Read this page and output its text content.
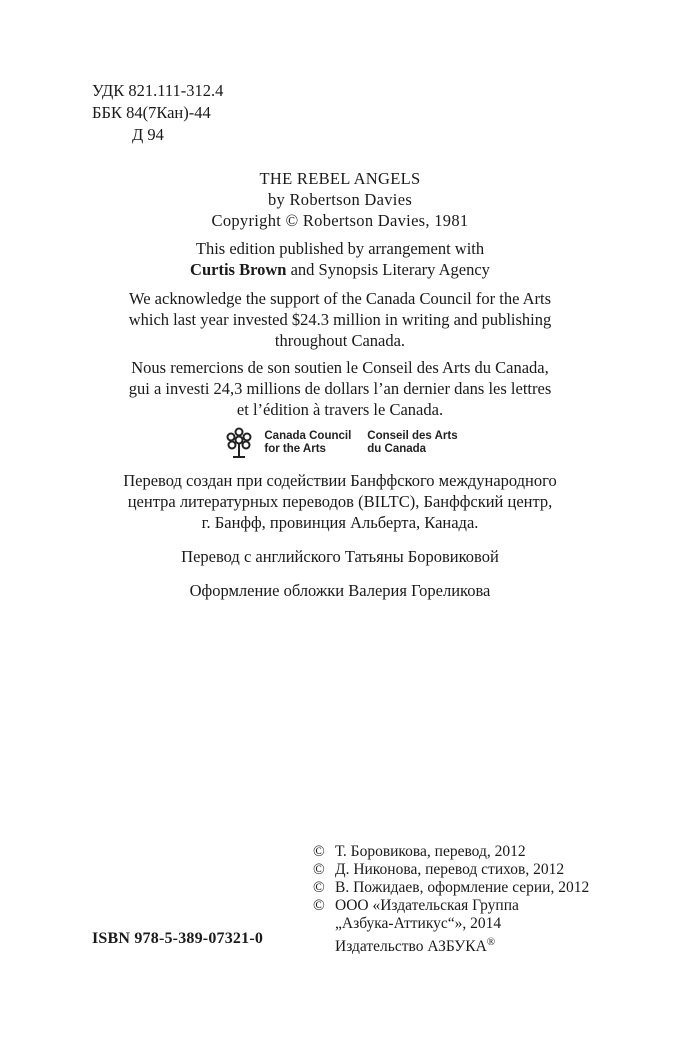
УДК 821.111-312.4
ББК 84(7Кан)-44
Д 94
THE REBEL ANGELS
by Robertson Davies
Copyright © Robertson Davies, 1981
This edition published by arrangement with
Curtis Brown and Synopsis Literary Agency
We acknowledge the support of the Canada Council for the Arts
which last year invested $24.3 million in writing and publishing
throughout Canada.
Nous remercions de son soutien le Conseil des Arts du Canada,
gui a investi 24,3 millions de dollars l’an dernier dans les lettres
et l’édition à travers le Canada.
Canada Council
for the Arts
Conseil des Arts
du Canada
Перевод создан при содействии Банффского международного
центра литературных переводов (BILTC), Банффский центр,
г. Банфф, провинция Альберта, Канада.
Перевод с английского Татьяны Боровиковой
Оформление обложки Валерия Гореликова
ISBN 978-5-389-07321-0
© Т. Боровикова, перевод, 2012
© Д. Никонова, перевод стихов, 2012
© В. Пожидаев, оформление серии, 2012
© ООО «Издательская Группа
„Азбука-Аттикус“», 2014
Издательство АЗБУКА®
